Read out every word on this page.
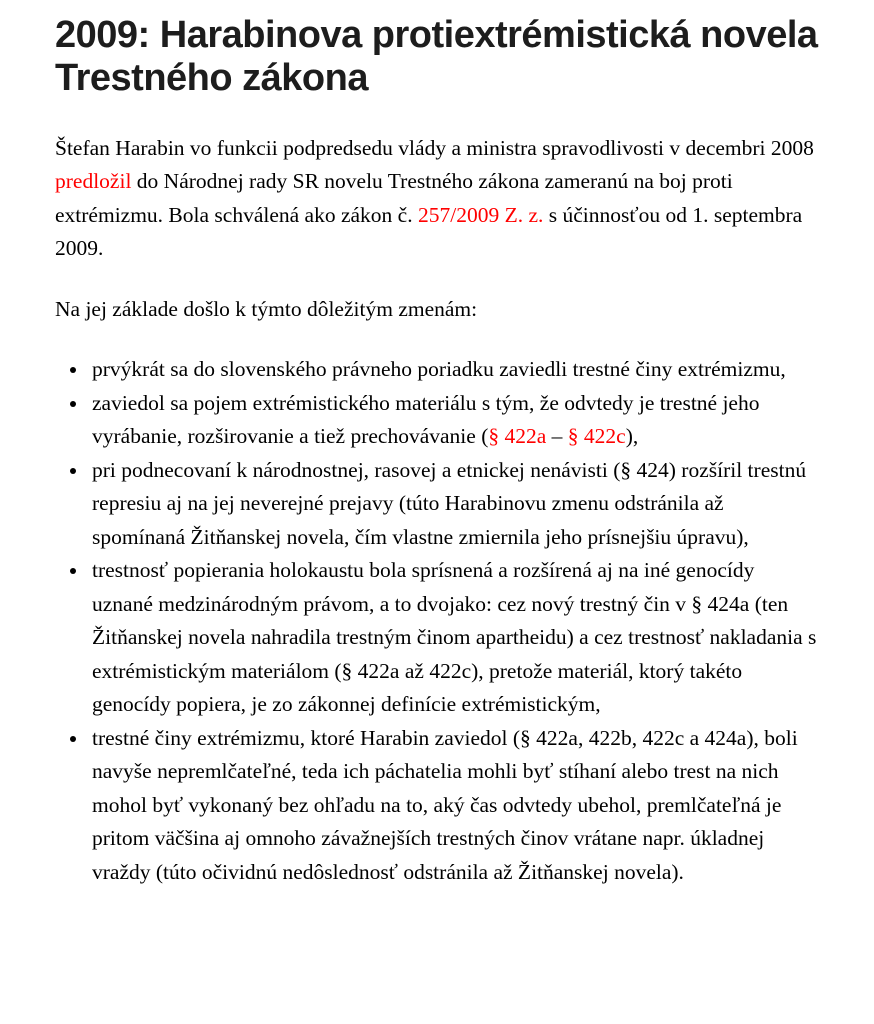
2009: Harabinova protiextrémistická novela Trestného zákona

Štefan Harabin vo funkcii podpredsedu vlády a ministra spravodlivosti v decembri 2008 predložil do Národnej rady SR novelu Trestného zákona zameranú na boj proti extrémizmu. Bola schválená ako zákon č. 257/2009 Z. z. s účinnosťou od 1. septembra 2009.

Na jej základe došlo k týmto dôležitým zmenám:

• prvýkrát sa do slovenského právneho poriadku zaviedli trestné činy extrémizmu,
• zaviedol sa pojem extrémistického materiálu s tým, že odvtedy je trestné jeho vyrábanie, rozširovanie a tiež prechovávanie (§ 422a – § 422c),
• pri podnecovaní k národnostnej, rasovej a etnickej nenávisti (§ 424) rozšíril trestnú represiu aj na jej neverejné prejavy (túto Harabinovu zmenu odstránila až spomínaná Žitňanskej novela, čím vlastne zmiernila jeho prísnejšiu úpravu),
• trestnosť popierania holokaustu bola sprísnená a rozšírená aj na iné genocídy uznané medzinárodným právom, a to dvojako: cez nový trestný čin v § 424a (ten Žitňanskej novela nahradila trestným činom apartheidu) a cez trestnosť nakladania s extrémistickým materiálom (§ 422a až 422c), pretože materiál, ktorý takéto genocídy popiera, je zo zákonnej definície extrémistickým,
• trestné činy extrémizmu, ktoré Harabin zaviedol (§ 422a, 422b, 422c a 424a), boli navyše nepremlčateľné, teda ich páchatelia mohli byť stíhaní alebo trest na nich mohol byť vykonaný bez ohľadu na to, aký čas odvtedy ubehol, premlčateľná je pritom väčšina aj omnoho závažnejších trestných činov vrátane napr. úkladnej vraždy (túto očividnú nedôslednosť odstránila až Žitňanskej novela).
